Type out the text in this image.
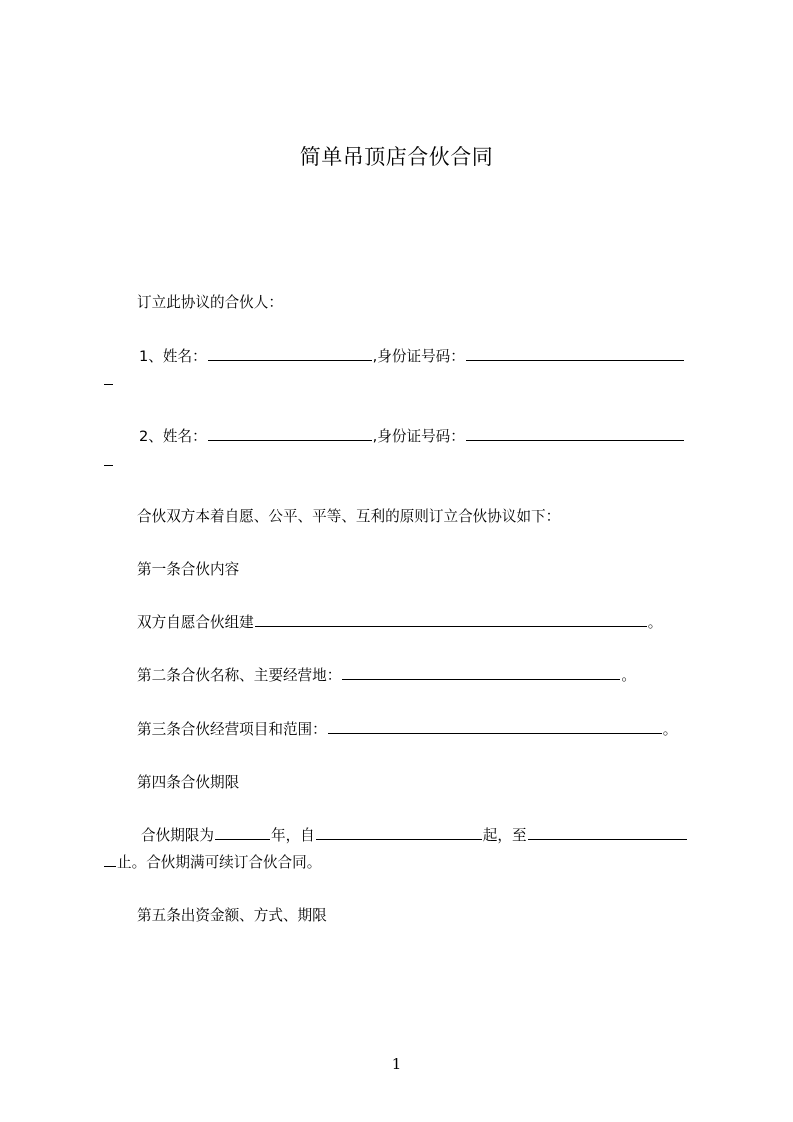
简单吊顶店合伙合同
订立此协议的合伙人：
1、姓名：	,身份证号码：
2、姓名：	,身份证号码：
合伙双方本着自愿、公平、平等、互利的原则订立合伙协议如下：
第一条合伙内容
双方自愿合伙组建	。
第二条合伙名称、主要经营地：	。
第三条合伙经营项目和范围：	。
第四条合伙期限
合伙期限为	年，自	起，至
止。合伙期满可续订合伙合同。
第五条出资金额、方式、期限
1
